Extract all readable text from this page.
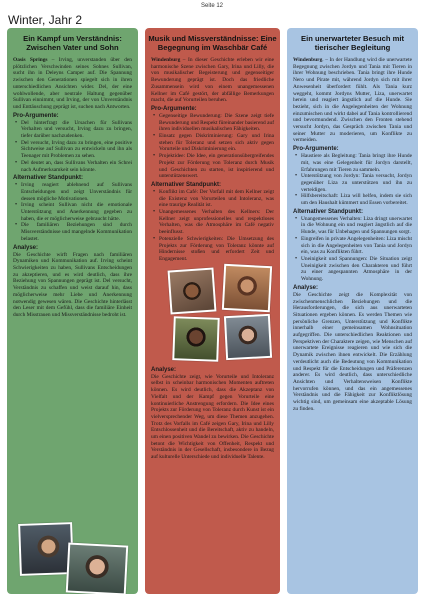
Seite 12
Winter, Jahr 2
Ein Kampf um Verständnis: Zwischen Vater und Sohn

Oasis Springs – Irving, unverstanden über den plötzlichen Verschwinden seines Sohnes Sullivan, sucht ihn in Deleyns Camper auf. Die Spannung zwischen den Generationen spiegelt sich in ihren unterschiedlichen Ansichten wider. Del, der eine wohlwollende, aber neutrale Haltung gegenüber Sullivan einnimmt, und Irving, der von Unverständnis und Enttäuschung geprägt ist, suchen nach Antworten.

Pro-Argumente:
• Del hinterfragt die Ursachen für Sullivans Verhalten und versucht, Irving dazu zu bringen, tiefer darüber nachzudenken.
• Del versucht, Irving dazu zu bringen, eine positive Sichtweise auf Sullivan zu entwickeln und ihn als Teenager mit Problemen zu sehen.
• Del deutet an, dass Sullivans Verhalten ein Schrei nach Aufmerksamkeit sein könnte.
Alternativer Standpunkt:
• Irving reagiert ablehnend auf Sullivans Entscheidungen und zeigt Unverständnis für dessen mögliche Motivationen.
• Irving scheint Sullivan nicht die emotionale Unterstützung und Anerkennung gegeben zu haben, die er möglicherweise gebraucht hätte.
• Die familiären Beziehungen sind durch Missverständnisse und mangelnde Kommunikation belastet.
Analyse:

Die Geschichte wirft Fragen nach familiären Dynamiken und Kommunikation auf. Irving scheint Schwierigkeiten zu haben, Sullivans Entscheidungen zu akzeptieren, und es wird deutlich, dass ihre Beziehung von Spannungen geprägt ist. Del versucht, Verständnis zu schaffen und weist darauf hin, dass möglicherweise mehr Liebe und Anerkennung notwendig gewesen wären. Die Geschichte hinterlässt den Leser mit dem Gefühl, dass die familiäre Einheit durch Misstrauen und Missverständnisse bedroht ist.

Musik und Missverständnisse: Eine Begegnung im Waschbär Café

Windenburg – In dieser Geschichte erleben wir eine harmonische Szene zwischen Gary, Irina und Lilly, die von musikalischer Begeisterung und gegenseitiger Bewunderung geprägt ist. Doch das friedliche Zusammensein wird von einem unangemessenen Kellner im Café gestört, der abfällige Bemerkungen macht, die auf Vorurteilen beruhen.

Pro-Argumente:
• Gegenseitige Bewunderung: Die Szene zeigt tiefe Bewunderung und Respekt füreinander basierend auf ihren individuellen musikalischen Fähigkeiten.
• Einsatz gegen Diskriminierung: Gary und Irina stehen für Toleranz und setzen sich aktiv gegen Vorurteile und Diskriminierung ein.
• Projektidee: Die Idee, ein generationsübergreifendes Projekt zur Förderung von Toleranz durch Musik und Geschichten zu starten, ist inspirierend und unterstützenswert.
Alternativer Standpunkt:
• Konflikt im Café: Der Vorfall mit dem Kellner zeigt die Existenz von Vorurteilen und Intoleranz, was eine traurige Realität ist.
• Unangemessenes Verhalten des Kellners: Der Kellner zeigt unprofessionelles und respektloses Verhalten, was die Atmosphäre im Café negativ beeinflusst.
• Potenzielle Schwierigkeiten: Die Umsetzung des Projekts zur Förderung von Toleranz könnte auf Hindernisse stoßen und erfordert Zeit und Engagement.
Analyse:

Die Geschichte zeigt, wie Vorurteile und Intoleranz selbst in scheinbar harmonischen Momenten auftreten können. Es wird deutlich, dass die Akzeptanz von Vielfalt und der Kampf gegen Vorurteile eine kontinuierliche Anstrengung erfordern. Die Idee eines Projekts zur Förderung von Toleranz durch Kunst ist ein vielversprechender Weg, um diese Themen anzugehen. Trotz des Vorfalls im Café zeigen Gary, Irina und Lilly Entschlossenheit und die Bereitschaft, aktiv zu handeln, um einen positiven Wandel zu bewirken. Die Geschichte betont die Wichtigkeit von Offenheit, Respekt und Verständnis in der Gesellschaft, insbesondere in Bezug auf kulturelle Unterschiede und individuelle Talente.

Ein unerwarteter Besuch mit tierischer Begleitung

Windenburg. – In der Handlung wird die unerwartete Begegnung zwischen Jordyn und Tania mit Tieren in ihrer Wohnung beschrieben. Tania bringt ihre Hunde Nero und Pirate mit, während Jordyn sich mit ihrer Anwesenheit überfordert fühlt. Als Tania kurz weggeht, kommt Jordyns Mutter, Liza, unerwartet herein und reagiert ängstlich auf die Hunde. Sie bezieht, sich in die Angelegenheiten der Wohnung einzumischen und wirkt dabei auf Tania kontrollierend und bevormundend. Zwischen den Fronten stehend versucht Jordyn, das Gespräch zwischen Tania und seiner Mutter zu moderieren, um Konflikte zu vermeiden.

Pro-Argumente:
• Haustiere als Begleitung: Tania bringt ihre Hunde mit, was eine Gelegenheit für Jordyn darstellt, Erfahrungen mit Tieren zu sammeln.
• Unterstützung von Jordyn: Tania versucht, Jordyn gegenüber Liza zu unterstützen und ihn zu verteidigen.
• Hilfsbereitschaft: Liza will helfen, indem sie sich um den Haushalt kümmert und Essen vorbereitet.
Alternativer Standpunkt:
• Unangemessenes Verhalten: Liza dringt unerwartet in die Wohnung ein und reagiert ängstlich auf die Hunde, was für Unbehagen und Spannungen sorgt.
• Eingreifen in private Angelegenheiten: Liza mischt sich in die Angelegenheiten von Tania und Jordyn ein, was zu Konflikten führt.
• Uneinigkeit und Spannungen: Die Situation zeigt Uneinigkeit zwischen den Charakteren und führt zu einer angespannten Atmosphäre in der Wohnung.
Analyse:

Die Geschichte zeigt die Komplexität von zwischenmenschlichen Beziehungen und die Herausforderungen, die sich aus unerwarteten Situationen ergeben können. Es werden Themen wie persönliche Grenzen, Unterstützung und Konflikte innerhalb einer gemeinsamen Wohnsituation aufgegriffen. Die unterschiedlichen Reaktionen und Perspektiven der Charaktere zeigen, wie Menschen auf unerwartete Ereignisse reagieren und wie sich die Dynamik zwischen ihnen entwickelt. Die Erzählung verdeutlicht auch die Bedeutung von Kommunikation und Respekt für die Entscheidungen und Präferenzen anderer. Es wird deutlich, dass unterschiedliche Ansichten und Verhaltensweisen Konflikte hervorrufen können, und das ein angemessenes Verständnis und die Fähigkeit zur Konfliktlösung wichtig sind, um gemeinsam eine akzeptable Lösung zu finden.
